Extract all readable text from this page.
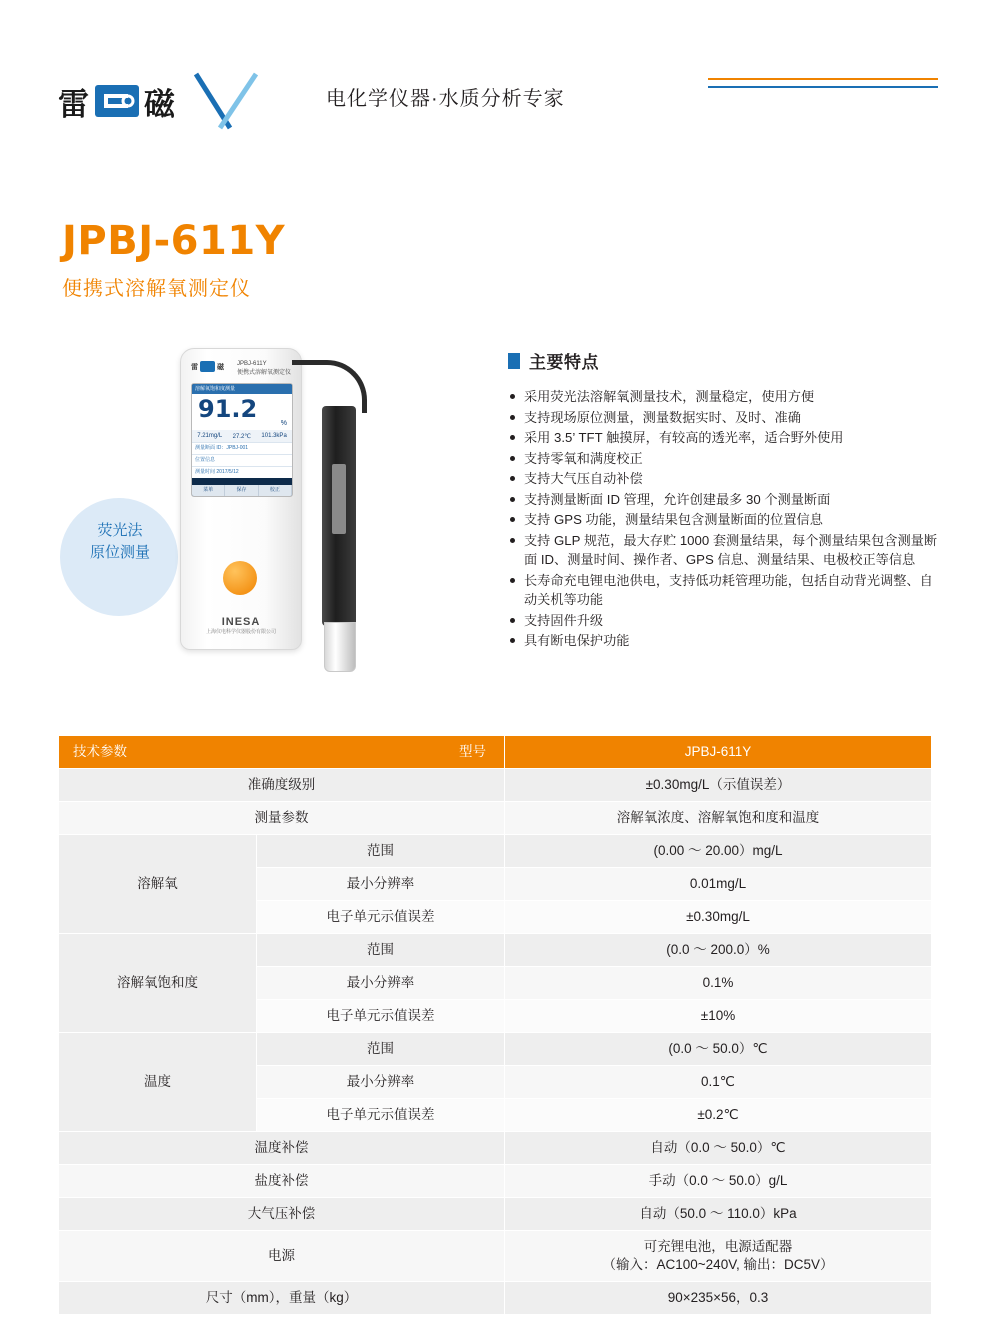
雷 磁	电化学仪器·水质分析专家
JPBJ-611Y
便携式溶解氧测定仪
荧光法
原位测量
雷	磁 JPBJ-611Y
便携式溶解氧测定仪
溶解氧饱和度测量
91.2
%
7.21mg/L 27.2℃ 101.3kPa
测量断面 ID：JPBJ-001
位置信息
测量时间 2017/5/12
菜单	保存	校正
INESA
上海仪电科学仪器股份有限公司
主要特点
采用荧光法溶解氧测量技术，测量稳定，使用方便
支持现场原位测量，测量数据实时、及时、准确
采用 3.5’ TFT 触摸屏，有较高的透光率，适合野外使用
支持零氧和满度校正
支持大气压自动补偿
支持测量断面 ID 管理，允许创建最多 30 个测量断面
支持 GPS 功能，测量结果包含测量断面的位置信息
支持 GLP 规范，最大存贮 1000 套测量结果，每个测量结果包含测量断面 ID、测量时间、操作者、GPS 信息、测量结果、电极校正等信息
长寿命充电锂电池供电，支持低功耗管理功能，包括自动背光调整、自动关机等功能
支持固件升级
具有断电保护功能
技术参数 型号		JPBJ-611Y
准确度级别		±0.30mg/L（示值误差）
测量参数		溶解氧浓度、溶解氧饱和度和温度
溶解氧	范围	(0.00 ～ 20.00）mg/L
	最小分辨率	0.01mg/L
	电子单元示值误差	±0.30mg/L
溶解氧饱和度	范围	(0.0 ～ 200.0）%
	最小分辨率	0.1%
	电子单元示值误差	±10%
温度	范围	(0.0 ～ 50.0）℃
	最小分辨率	0.1℃
	电子单元示值误差	±0.2℃
温度补偿		自动（0.0 ～ 50.0）℃
盐度补偿		手动（0.0 ～ 50.0）g/L
大气压补偿		自动（50.0 ～ 110.0）kPa
电源		可充锂电池，电源适配器
（输入：AC100~240V, 输出：DC5V）

尺寸（mm），重量（kg）		90×235×56，0.3
